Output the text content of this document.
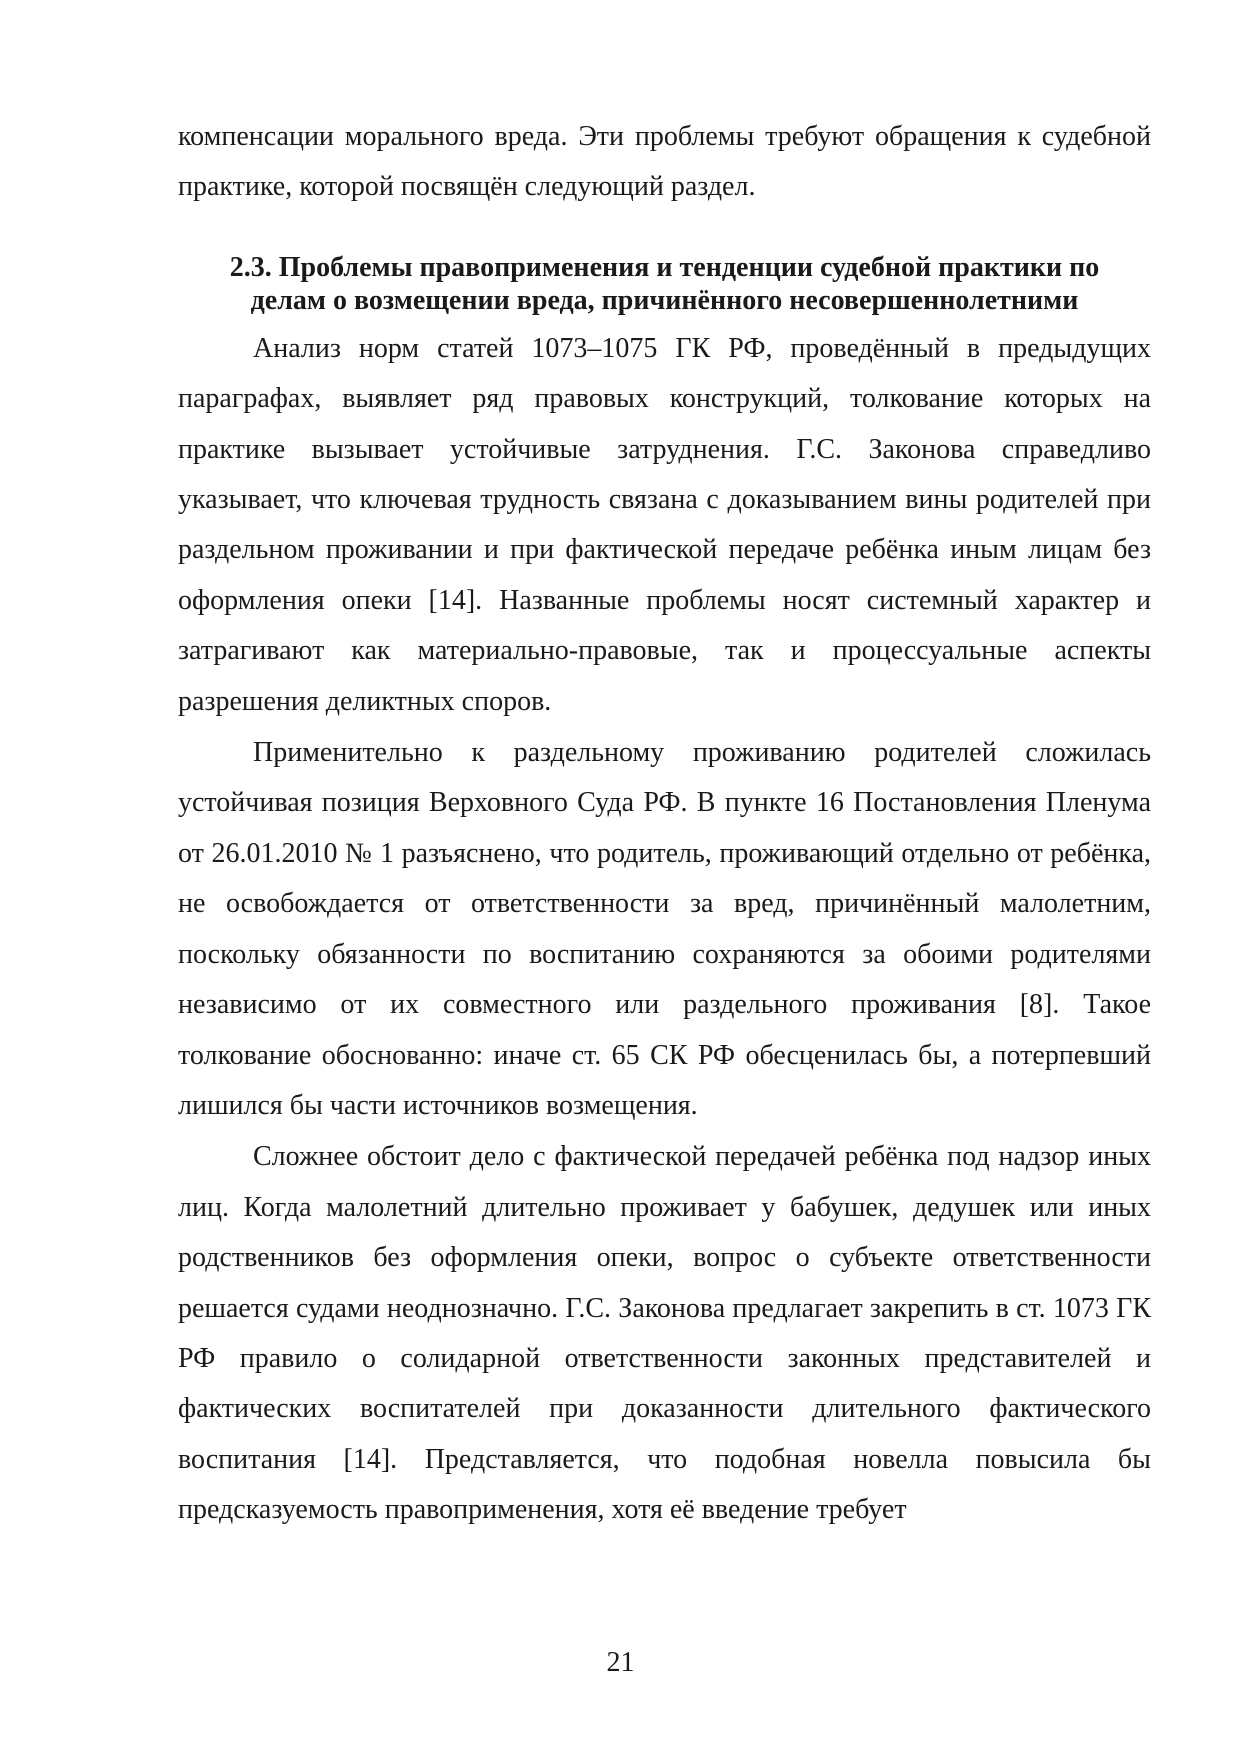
компенсации морального вреда. Эти проблемы требуют обращения к судебной практике, которой посвящён следующий раздел.

2.3. Проблемы правоприменения и тенденции судебной практики по
делам о возмещении вреда, причинённого несовершеннолетними

Анализ норм статей 1073–1075 ГК РФ, проведённый в предыдущих параграфах, выявляет ряд правовых конструкций, толкование которых на практике вызывает устойчивые затруднения. Г.С. Законова справедливо указывает, что ключевая трудность связана с доказыванием вины родителей при раздельном проживании и при фактической передаче ребёнка иным лицам без оформления опеки [14]. Названные проблемы носят системный характер и затрагивают как материально-правовые, так и процессуальные аспекты разрешения деликтных споров.

Применительно к раздельному проживанию родителей сложилась устойчивая позиция Верховного Суда РФ. В пункте 16 Постановления Пленума от 26.01.2010 № 1 разъяснено, что родитель, проживающий отдельно от ребёнка, не освобождается от ответственности за вред, причинённый малолетним, поскольку обязанности по воспитанию сохраняются за обоими родителями независимо от их совместного или раздельного проживания [8]. Такое толкование обоснованно: иначе ст. 65 СК РФ обесценилась бы, а потерпевший лишился бы части источников возмещения.

Сложнее обстоит дело с фактической передачей ребёнка под надзор иных лиц. Когда малолетний длительно проживает у бабушек, дедушек или иных родственников без оформления опеки, вопрос о субъекте ответственности решается судами неоднозначно. Г.С. Законова предлагает закрепить в ст. 1073 ГК РФ правило о солидарной ответственности законных представителей и фактических воспитателей при доказанности длительного фактического воспитания [14]. Представляется, что подобная новелла повысила бы предсказуемость правоприменения, хотя её введение требует

21
